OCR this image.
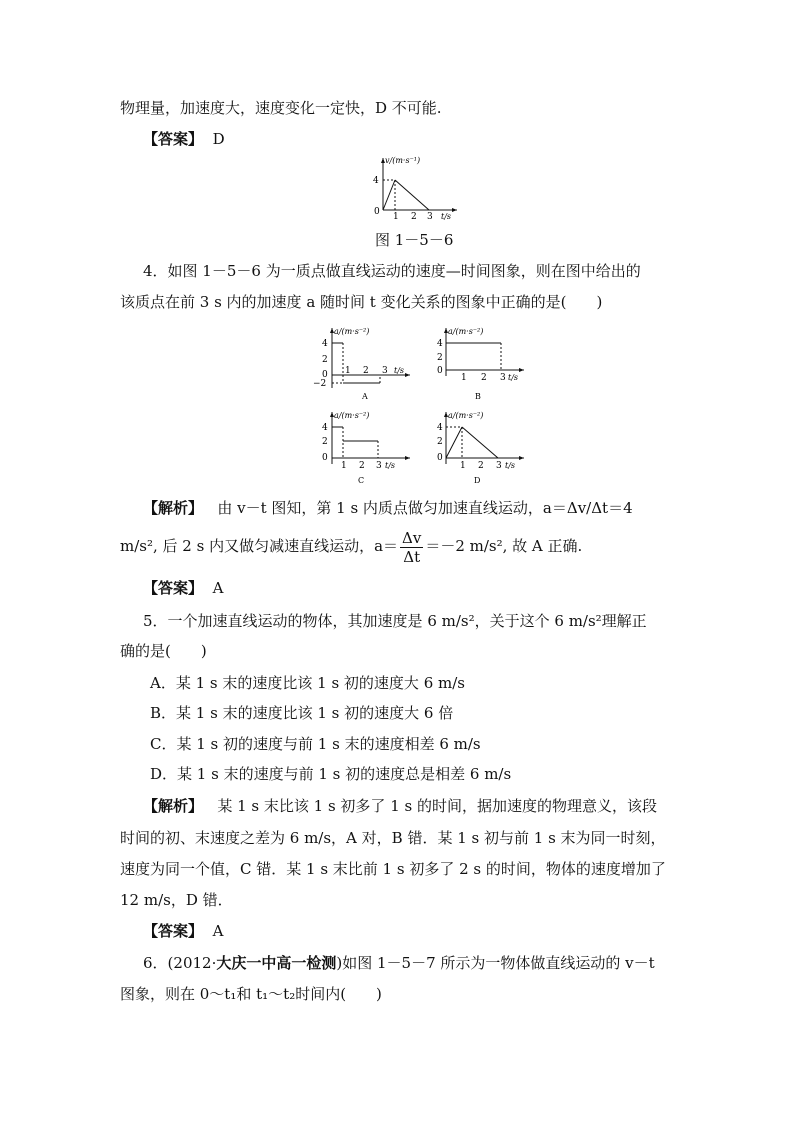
物理量，加速度大，速度变化一定快，D 不可能.
【答案】 D
v/(m·s⁻¹)
4
0 1 2 3 t/s
图 1－5－6
4．如图 1－5－6 为一质点做直线运动的速度—时间图象，则在图中给出的
该质点在前 3 s 内的加速度 a 随时间 t 变化关系的图象中正确的是(　　)
a/(m·s⁻²)
4
2
0
−2
1 2 3 t/s
A
a/(m·s⁻²)
4
2
0
1 2 3 t/s
B
a/(m·s⁻²)
4
2
0
1 2 3 t/s
C
a/(m·s⁻²)
4
2
0
1 2 3 t/s
D
【解析】 由 v－t 图知，第 1 s 内质点做匀加速直线运动，a＝Δv/Δt＝4
m/s², 后 2 s 内又做匀减速直线运动，$a= \frac{\Delta v}{\Delta t} =-2$ m/s², 故 A 正确.
【答案】 A
5．一个加速直线运动的物体，其加速度是 6 m/s²，关于这个 6 m/s²理解正
确的是(　　)
A．某 1 s 末的速度比该 1 s 初的速度大 6 m/s
B．某 1 s 末的速度比该 1 s 初的速度大 6 倍
C．某 1 s 初的速度与前 1 s 末的速度相差 6 m/s
D．某 1 s 末的速度与前 1 s 初的速度总是相差 6 m/s
【解析】 某 1 s 末比该 1 s 初多了 1 s 的时间，据加速度的物理意义，该段
时间的初、末速度之差为 6 m/s，A 对，B 错．某 1 s 初与前 1 s 末为同一时刻，
速度为同一个值，C 错．某 1 s 末比前 1 s 初多了 2 s 的时间，物体的速度增加了
12 m/s，D 错．
【答案】 A
6．(2012·大庆一中高一检测)如图 1－5－7 所示为一物体做直线运动的 v－t
图象，则在 0～t₁和 t₁～t₂时间内(　　)
